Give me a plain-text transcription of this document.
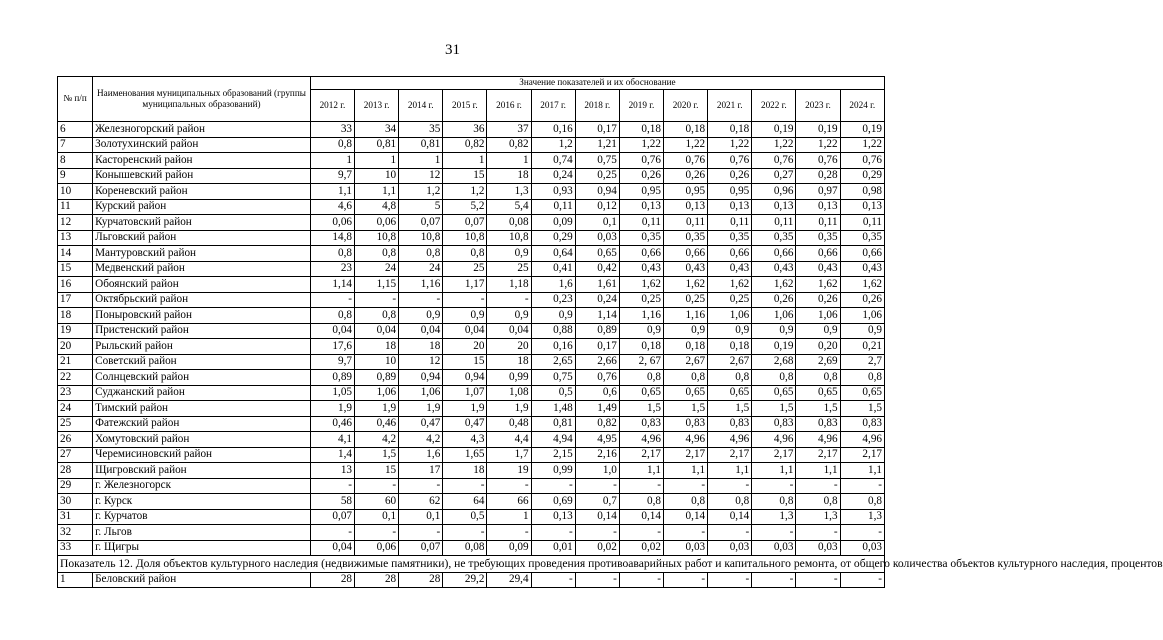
31
№ п/п	Наименования муниципальных образований (группы муниципальных образований)	Значение показателей и их обоснование												
		2012 г.	2013 г.	2014 г.	2015 г.	2016 г.	2017 г.	2018 г.	2019 г.	2020 г.	2021 г.	2022 г.	2023 г.	2024 г.
6	Железногорский район	33	34	35	36	37	0,16	0,17	0,18	0,18	0,18	0,19	0,19	0,19
7	Золотухинский район	0,8	0,81	0,81	0,82	0,82	1,2	1,21	1,22	1,22	1,22	1,22	1,22	1,22
8	Касторенский район	1	1	1	1	1	0,74	0,75	0,76	0,76	0,76	0,76	0,76	0,76
9	Конышевский район	9,7	10	12	15	18	0,24	0,25	0,26	0,26	0,26	0,27	0,28	0,29
10	Кореневский район	1,1	1,1	1,2	1,2	1,3	0,93	0,94	0,95	0,95	0,95	0,96	0,97	0,98
11	Курский район	4,6	4,8	5	5,2	5,4	0,11	0,12	0,13	0,13	0,13	0,13	0,13	0,13
12	Курчатовский район	0,06	0,06	0,07	0,07	0,08	0,09	0,1	0,11	0,11	0,11	0,11	0,11	0,11
13	Льговский район	14,8	10,8	10,8	10,8	10,8	0,29	0,03	0,35	0,35	0,35	0,35	0,35	0,35
14	Мантуровский район	0,8	0,8	0,8	0,8	0,9	0,64	0,65	0,66	0,66	0,66	0,66	0,66	0,66
15	Медвенский район	23	24	24	25	25	0,41	0,42	0,43	0,43	0,43	0,43	0,43	0,43
16	Обоянский район	1,14	1,15	1,16	1,17	1,18	1,6	1,61	1,62	1,62	1,62	1,62	1,62	1,62
17	Октябрьский район	-	-	-	-	-	0,23	0,24	0,25	0,25	0,25	0,26	0,26	0,26
18	Поныровский район	0,8	0,8	0,9	0,9	0,9	0,9	1,14	1,16	1,16	1,06	1,06	1,06	1,06
19	Пристенский район	0,04	0,04	0,04	0,04	0,04	0,88	0,89	0,9	0,9	0,9	0,9	0,9	0,9
20	Рыльский район	17,6	18	18	20	20	0,16	0,17	0,18	0,18	0,18	0,19	0,20	0,21
21	Советский район	9,7	10	12	15	18	2,65	2,66	2, 67	2,67	2,67	2,68	2,69	2,7
22	Солнцевский район	0,89	0,89	0,94	0,94	0,99	0,75	0,76	0,8	0,8	0,8	0,8	0,8	0,8
23	Суджанский район	1,05	1,06	1,06	1,07	1,08	0,5	0,6	0,65	0,65	0,65	0,65	0,65	0,65
24	Тимский район	1,9	1,9	1,9	1,9	1,9	1,48	1,49	1,5	1,5	1,5	1,5	1,5	1,5
25	Фатежский район	0,46	0,46	0,47	0,47	0,48	0,81	0,82	0,83	0,83	0,83	0,83	0,83	0,83
26	Хомутовский район	4,1	4,2	4,2	4,3	4,4	4,94	4,95	4,96	4,96	4,96	4,96	4,96	4,96
27	Черемисиновский район	1,4	1,5	1,6	1,65	1,7	2,15	2,16	2,17	2,17	2,17	2,17	2,17	2,17
28	Щигровский район	13	15	17	18	19	0,99	1,0	1,1	1,1	1,1	1,1	1,1	1,1
29	г. Железногорск	-	-	-	-	-	-	-	-	-	-	-	-	-
30	г. Курск	58	60	62	64	66	0,69	0,7	0,8	0,8	0,8	0,8	0,8	0,8
31	г. Курчатов	0,07	0,1	0,1	0,5	1	0,13	0,14	0,14	0,14	0,14	1,3	1,3	1,3
32	г. Льгов	-	-	-	-	-	-	-	-	-	-	-	-	-
33	г. Щигры	0,04	0,06	0,07	0,08	0,09	0,01	0,02	0,02	0,03	0,03	0,03	0,03	0,03
Показатель 12. Доля объектов культурного наследия (недвижимые памятники), не требующих проведения противоаварийных работ и капитального ремонта, от общего количества объектов культурного наследия, процентов														
1	Беловский район	28	28	28	29,2	29,4	-	-	-	-	-	-	-	-
